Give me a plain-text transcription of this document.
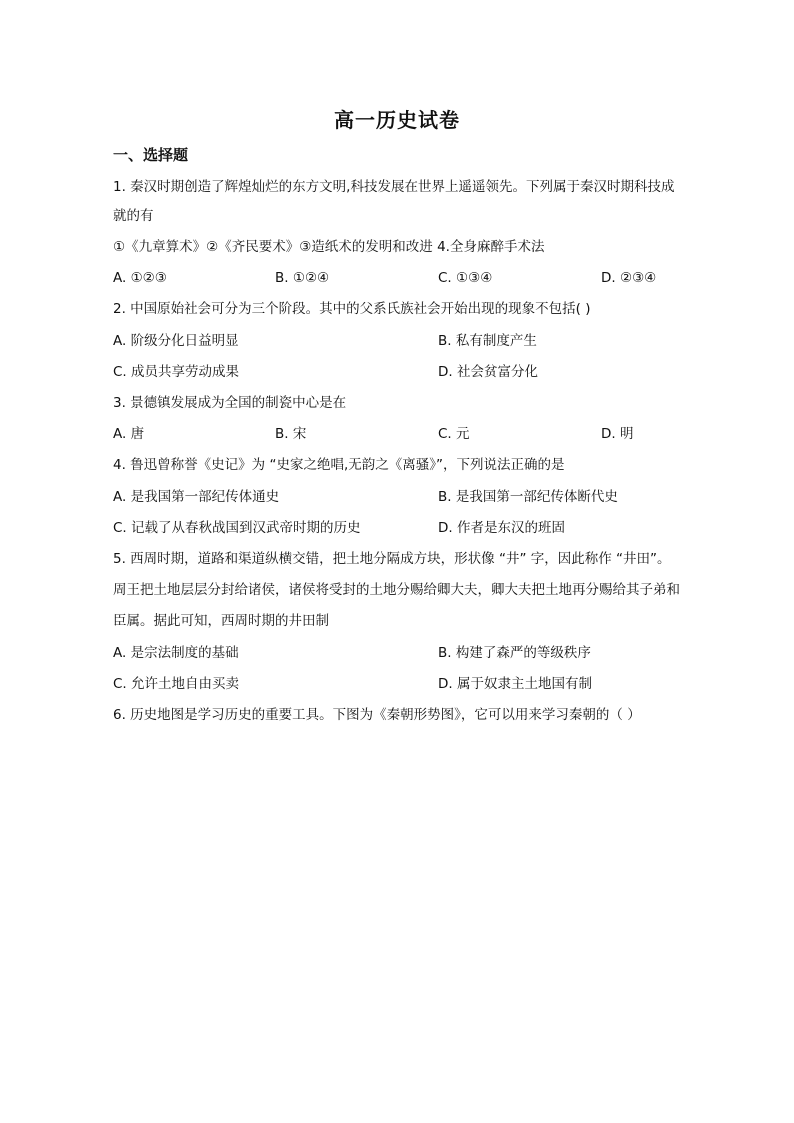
高一历史试卷
一、选择题
1. 秦汉时期创造了辉煌灿烂的东方文明,科技发展在世界上遥遥领先。下列属于秦汉时期科技成
就的有
①《九章算术》②《齐民要术》③造纸术的发明和改进 4.全身麻醉手术法
A. ①②③	B. ①②④	C. ①③④	D. ②③④
2. 中国原始社会可分为三个阶段。其中的父系氏族社会开始出现的现象不包括( )
A. 阶级分化日益明显	B. 私有制度产生
C. 成员共享劳动成果	D. 社会贫富分化
3. 景德镇发展成为全国的制瓷中心是在
A. 唐	B. 宋	C. 元	D. 明
4. 鲁迅曾称誉《史记》为 “史家之绝唱,无韵之《离骚》”，下列说法正确的是
A. 是我国第一部纪传体通史	B. 是我国第一部纪传体断代史
C. 记载了从春秋战国到汉武帝时期的历史	D. 作者是东汉的班固
5. 西周时期，道路和渠道纵横交错，把土地分隔成方块，形状像 “井” 字，因此称作 “井田”。
周王把土地层层分封给诸侯，诸侯将受封的土地分赐给卿大夫，卿大夫把土地再分赐给其子弟和
臣属。据此可知，西周时期的井田制
A. 是宗法制度的基础	B. 构建了森严的等级秩序
C. 允许土地自由买卖	D. 属于奴隶主土地国有制
6. 历史地图是学习历史的重要工具。下图为《秦朝形势图》，它可以用来学习秦朝的（ ）
